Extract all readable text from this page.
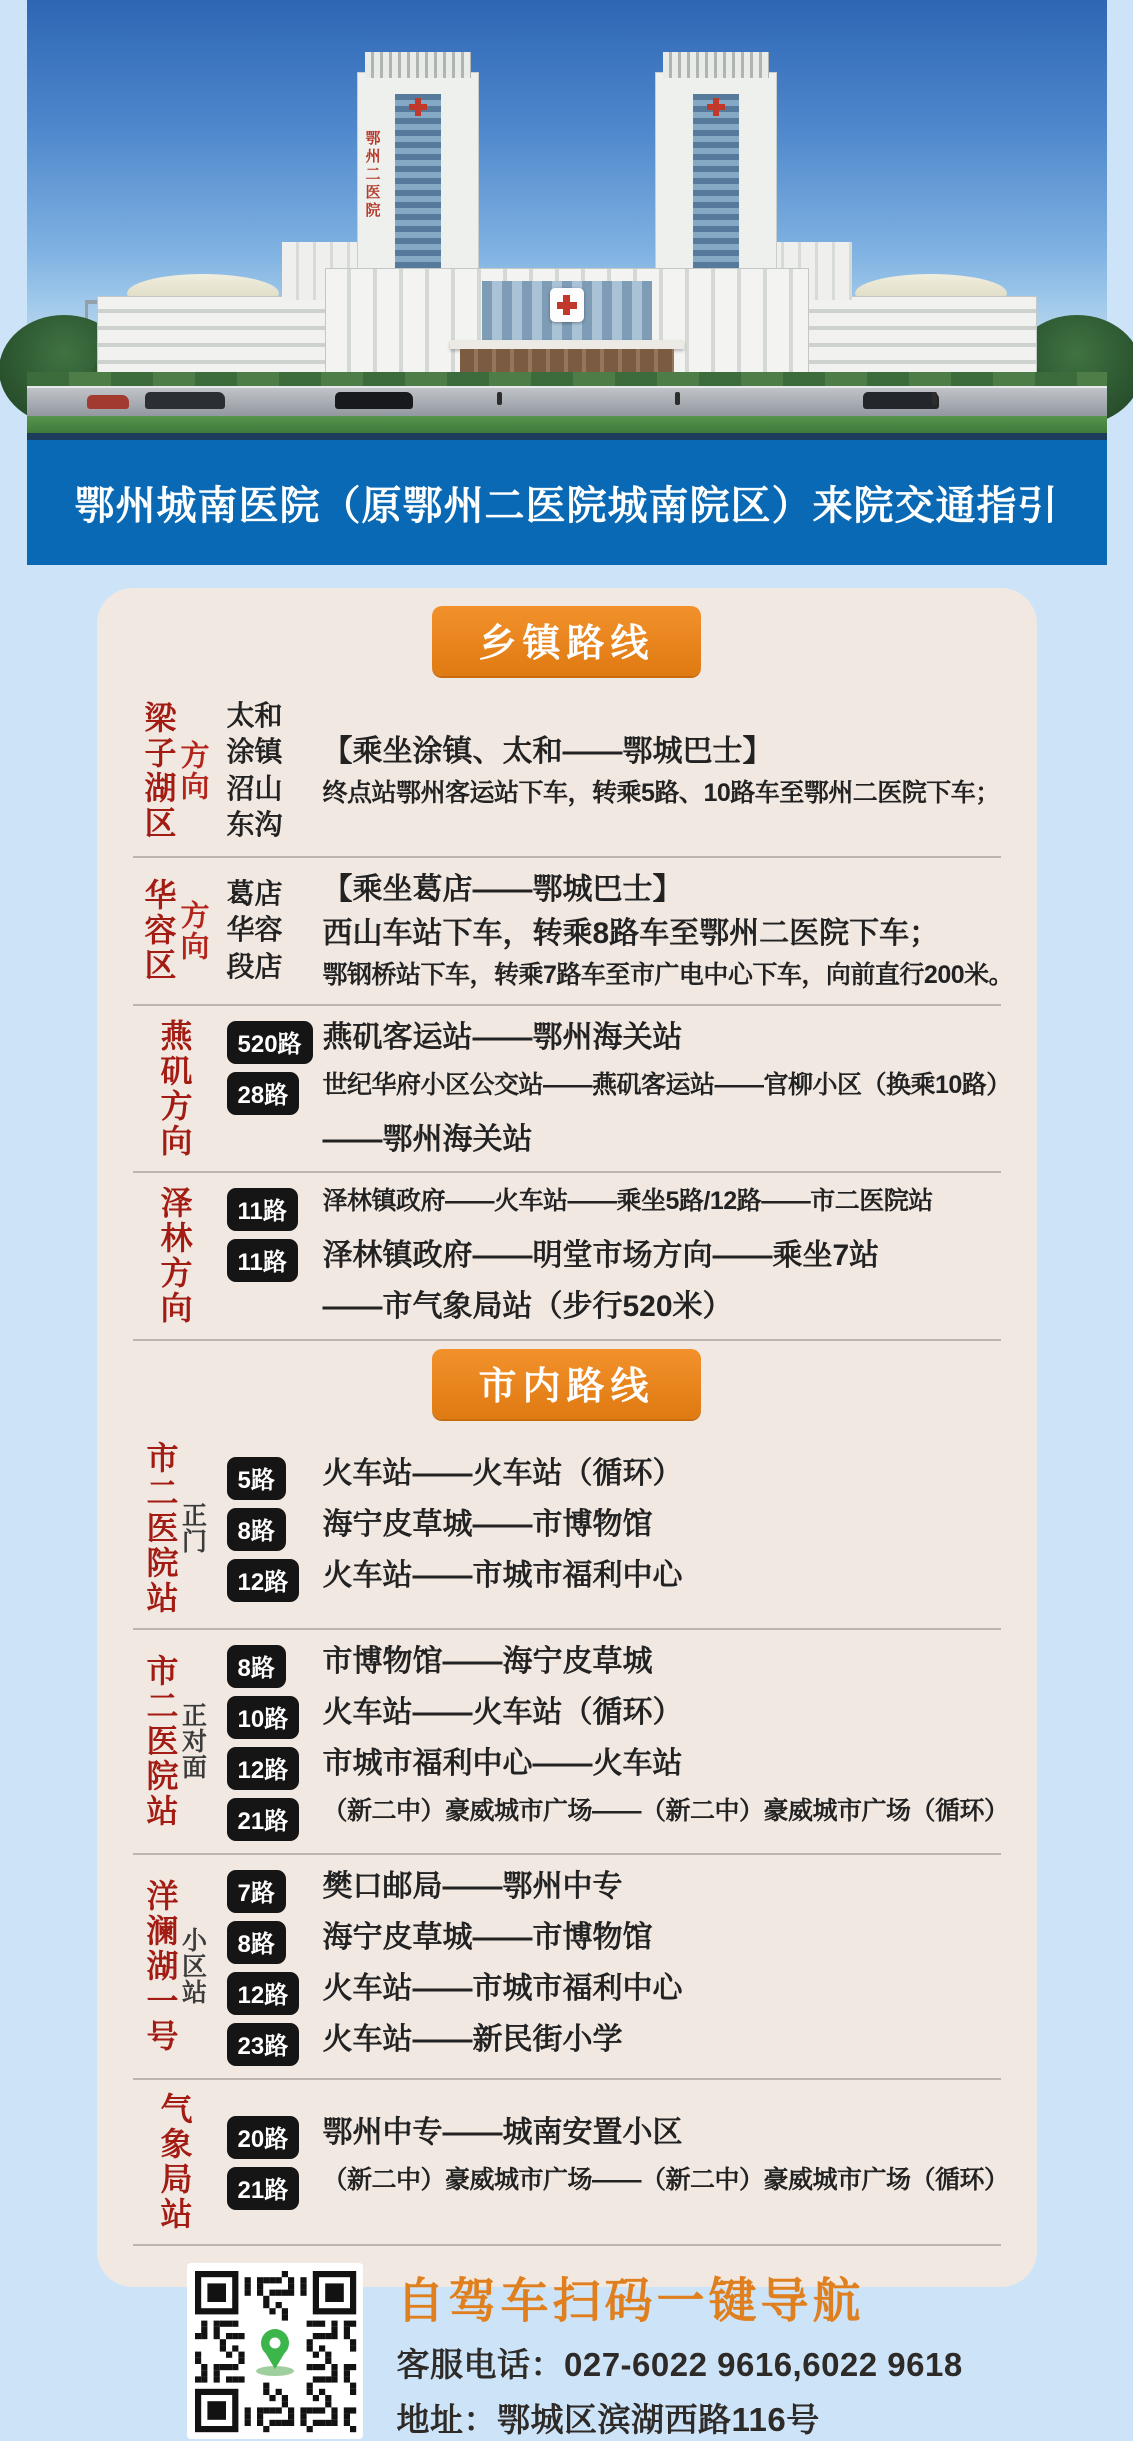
鄂州二医院
鄂州城南医院（原鄂州二医院城南院区）来院交通指引
乡镇路线
梁子湖区 方向
太和
涂镇
沼山
东沟
【乘坐涂镇、太和——鄂城巴士】
终点站鄂州客运站下车，转乘5路、10路车至鄂州二医院下车；
华容区 方向
葛店
华容
段店
【乘坐葛店——鄂城巴士】
西山车站下车，转乘8路车至鄂州二医院下车；
鄂钢桥站下车，转乘7路车至市广电中心下车，向前直行200米。
燕矶方向	520路 燕矶客运站——鄂州海关站
28路	世纪华府小区公交站——燕矶客运站——官柳小区（换乘10路）
——鄂州海关站
泽林方向	11路	泽林镇政府——火车站——乘坐5路/12路——市二医院站
11路	泽林镇政府——明堂市场方向——乘坐7站
——市气象局站（步行520米）
市内路线
市二医院站 正门
5路	火车站——火车站（循环）
8路	海宁皮草城——市博物馆
12路	火车站——市城市福利中心
市二医院站 正对面
8路	市博物馆——海宁皮草城
10路	火车站——火车站（循环）
12路	市城市福利中心——火车站
21路	（新二中）豪威城市广场——（新二中）豪威城市广场（循环）
洋澜湖一号 小区站
7路	樊口邮局——鄂州中专
8路	海宁皮草城——市博物馆
12路	火车站——市城市福利中心
23路	火车站——新民街小学
气象局站	20路	鄂州中专——城南安置小区
21路	（新二中）豪威城市广场——（新二中）豪威城市广场（循环）
自驾车扫码一键导航
客服电话：027-6022 9616,6022 9618
地址：鄂城区滨湖西路116号
